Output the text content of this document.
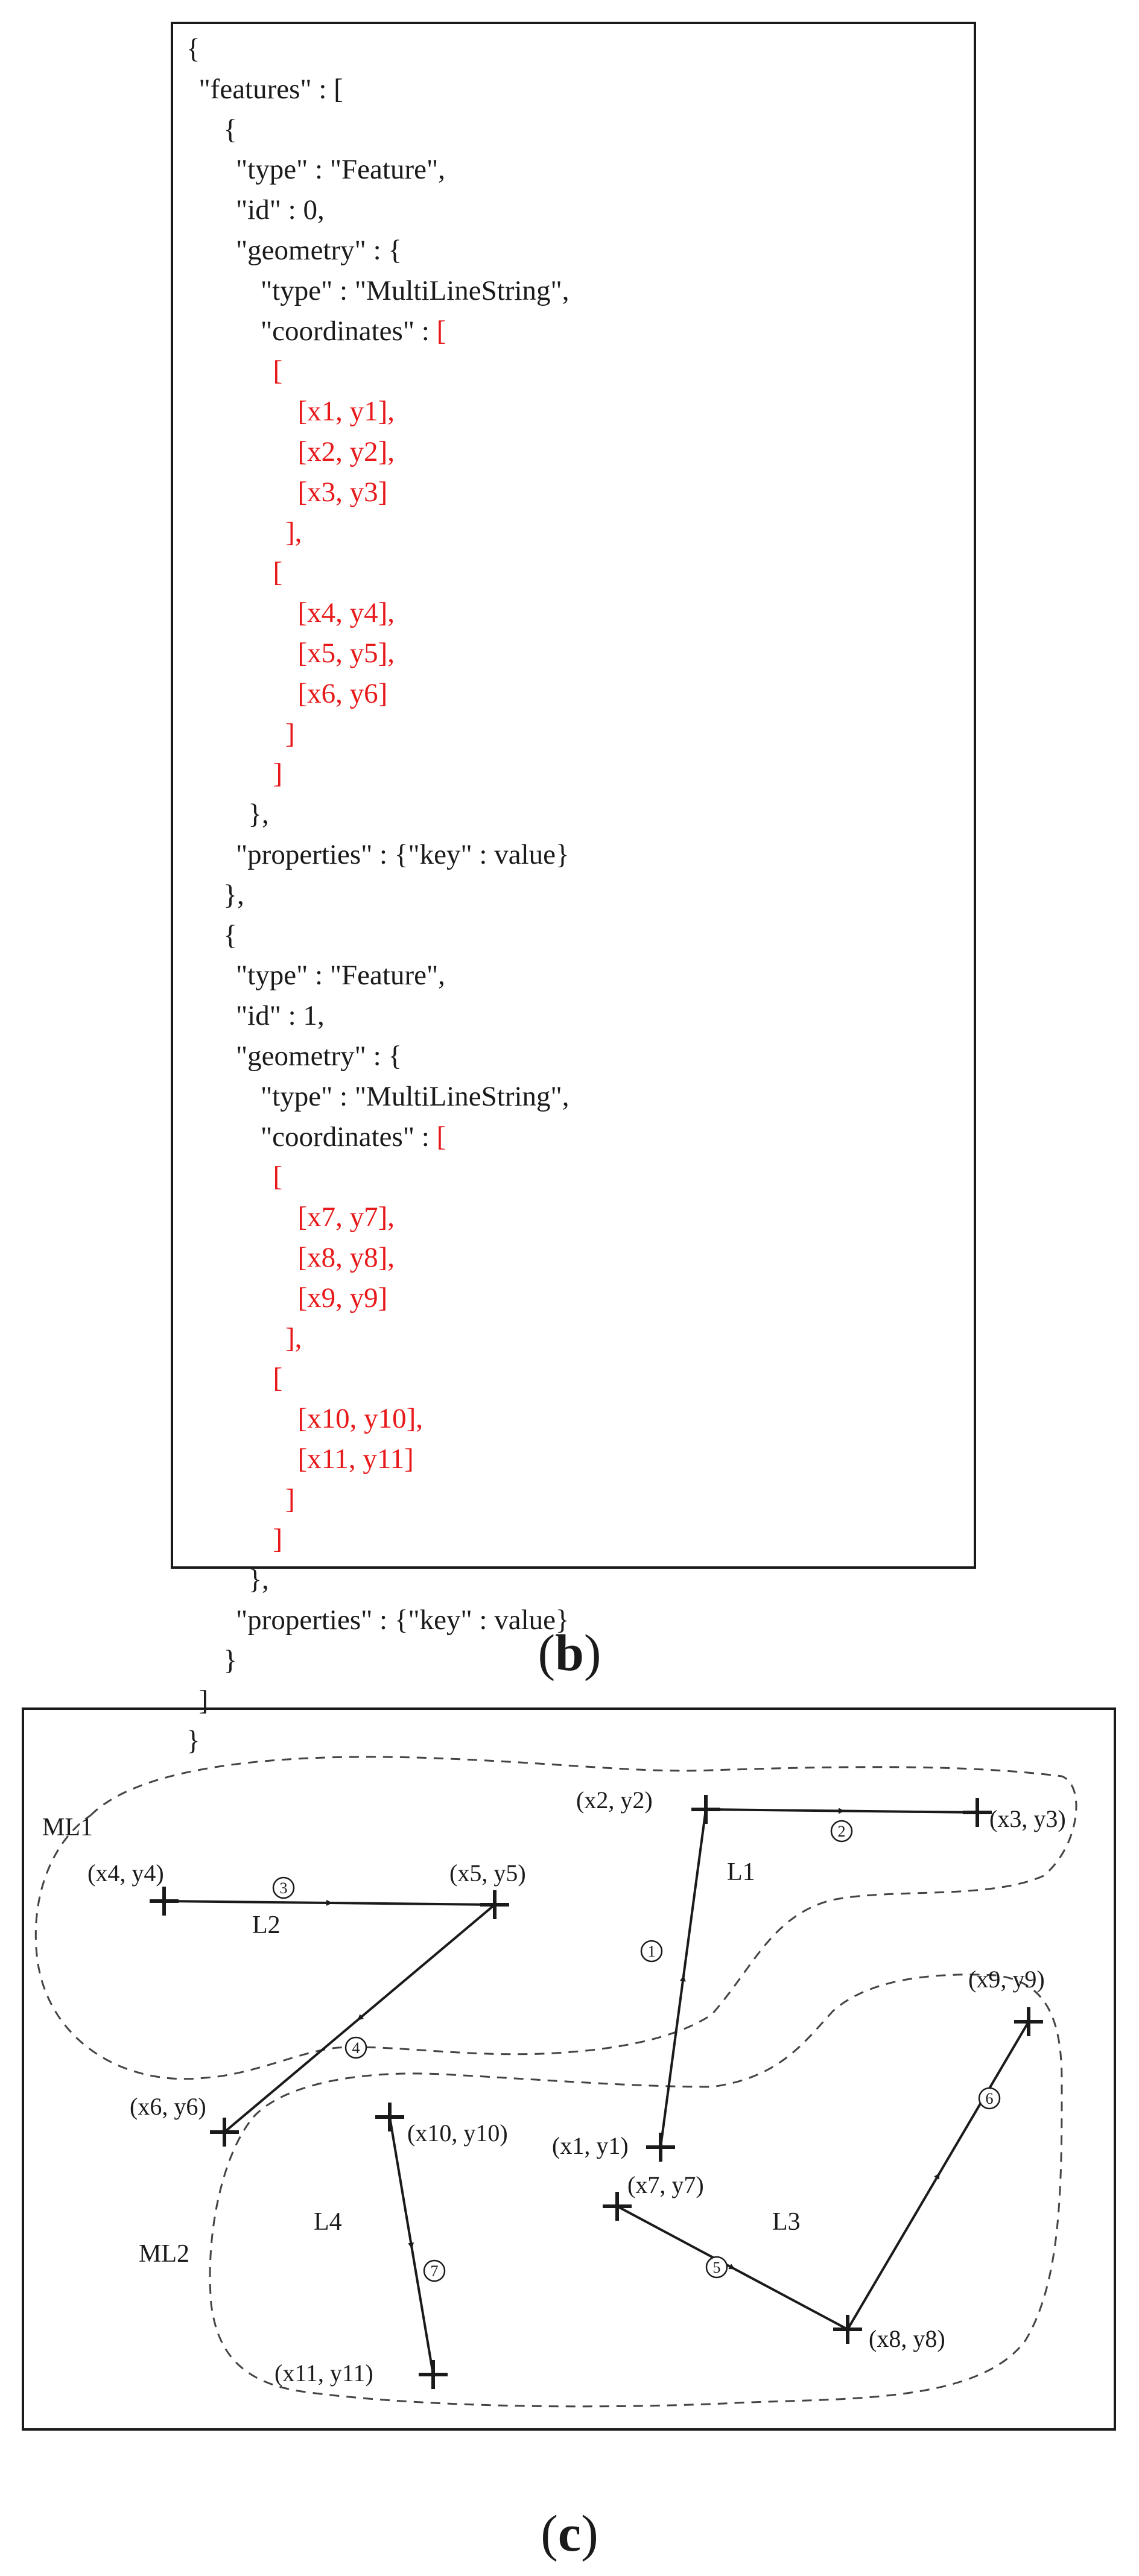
{
"features" : [
{
"type" : "Feature",
"id" : 0,
"geometry" : {
"type" : "MultiLineString",
"coordinates" : [
[
[x1, y1],
[x2, y2],
[x3, y3]
],
[
[x4, y4],
[x5, y5],
[x6, y6]
]
]
},
"properties" : {"key" : value}
},
{
"type" : "Feature",
"id" : 1,
"geometry" : {
"type" : "MultiLineString",
"coordinates" : [
[
[x7, y7],
[x8, y8],
[x9, y9]
],
[
[x10, y10],
[x11, y11]
]
]
},
"properties" : {"key" : value}
}
]
}
(b)
ML1
ML2
L1
L2
L3
L4
1
2
3
4
5
6
7
(x1, y1)
(x2, y2)
(x3, y3)
(x4, y4)	(x5, y5)
(x6, y6)
(x7, y7)
(x8, y8)
(x9, y9)
(x10, y10)
(x11, y11)
(c)
